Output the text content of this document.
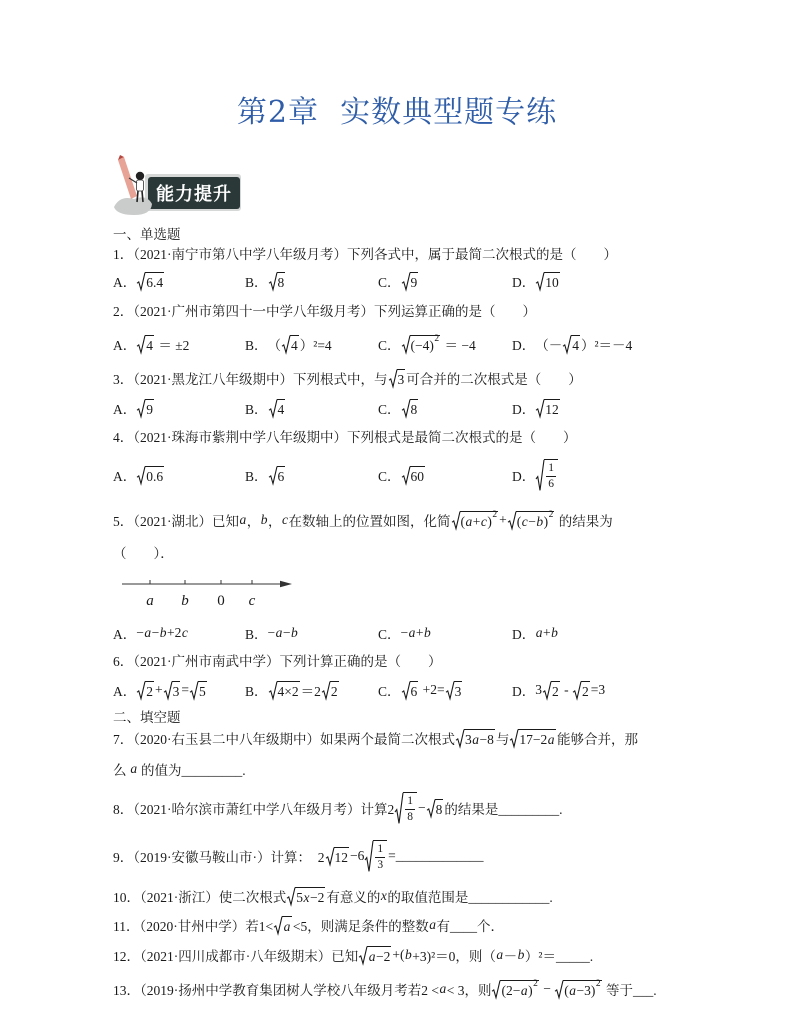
第2章  实数典型题专练
能力提升
一、单选题
1．（2021·南宁市第八中学八年级月考）下列各式中，属于最简二次根式的是（　　）
A． 6.4	B． 8	C． 9	D． 10
2．（2021·广州市第四十一中学八年级月考）下列运算正确的是（　　）
A． 4 ＝ ±2	B． （ 4 ）²=4	C． (−4) 2 ＝ −4	D． （－ 4 ）²＝－4
3．（2021·黑龙江八年级期中）下列根式中，与 3 可合并的二次根式是（　　）
A． 9	B． 4	C． 8	D． 12
4．（2021·珠海市紫荆中学八年级期中）下列根式是最简二次根式的是（　　）
A． 0.6	B． 6	C． 60	D． $\frac{1}{6}$
5．（2021·湖北）已知 a ， b ， c 在数轴上的位置如图，化简 ( a + c ) 2 + ( c − b ) 2 的结果为
（　　）．
a b 0 c
A． − a − b +2 c	B． − a − b	C． − a + b	D． a + b
6．（2021·广州市南武中学）下列计算正确的是（　　）
A． 2 + 3 = 5	B． 4×2 ＝2 2	C． 6 +2= 3	D． 3 2 - 2 =3
二、填空题
7．（2020·右玉县二中八年级期中）如果两个最简二次根式 3 a −8 与 17−2 a 能够合并，那
么 a 的值为_________.
8．（2021·哈尔滨市萧红中学八年级月考）计算$2 \frac{1}{8} - 8$ 的结果是_________.
9．（2019·安徽马鞍山市·）计算：  2 $12 -6 \frac{1}{3}$ =_____________
10．（2021·浙江）使二次根式 5 x −2 有意义的 x 的取值范围是____________.
11．（2020·甘州中学）若1< a <5，则满足条件的整数 a 有____个．
12．（2021·四川成都市·八年级期末）已知 a −2 +( b +3)²＝0，则（ a － b ）²＝_____.
13．（2019·扬州中学教育集团树人学校八年级月考若2 < a < 3，则 (2− a ) 2 − ( a −3) 2 等于___.
